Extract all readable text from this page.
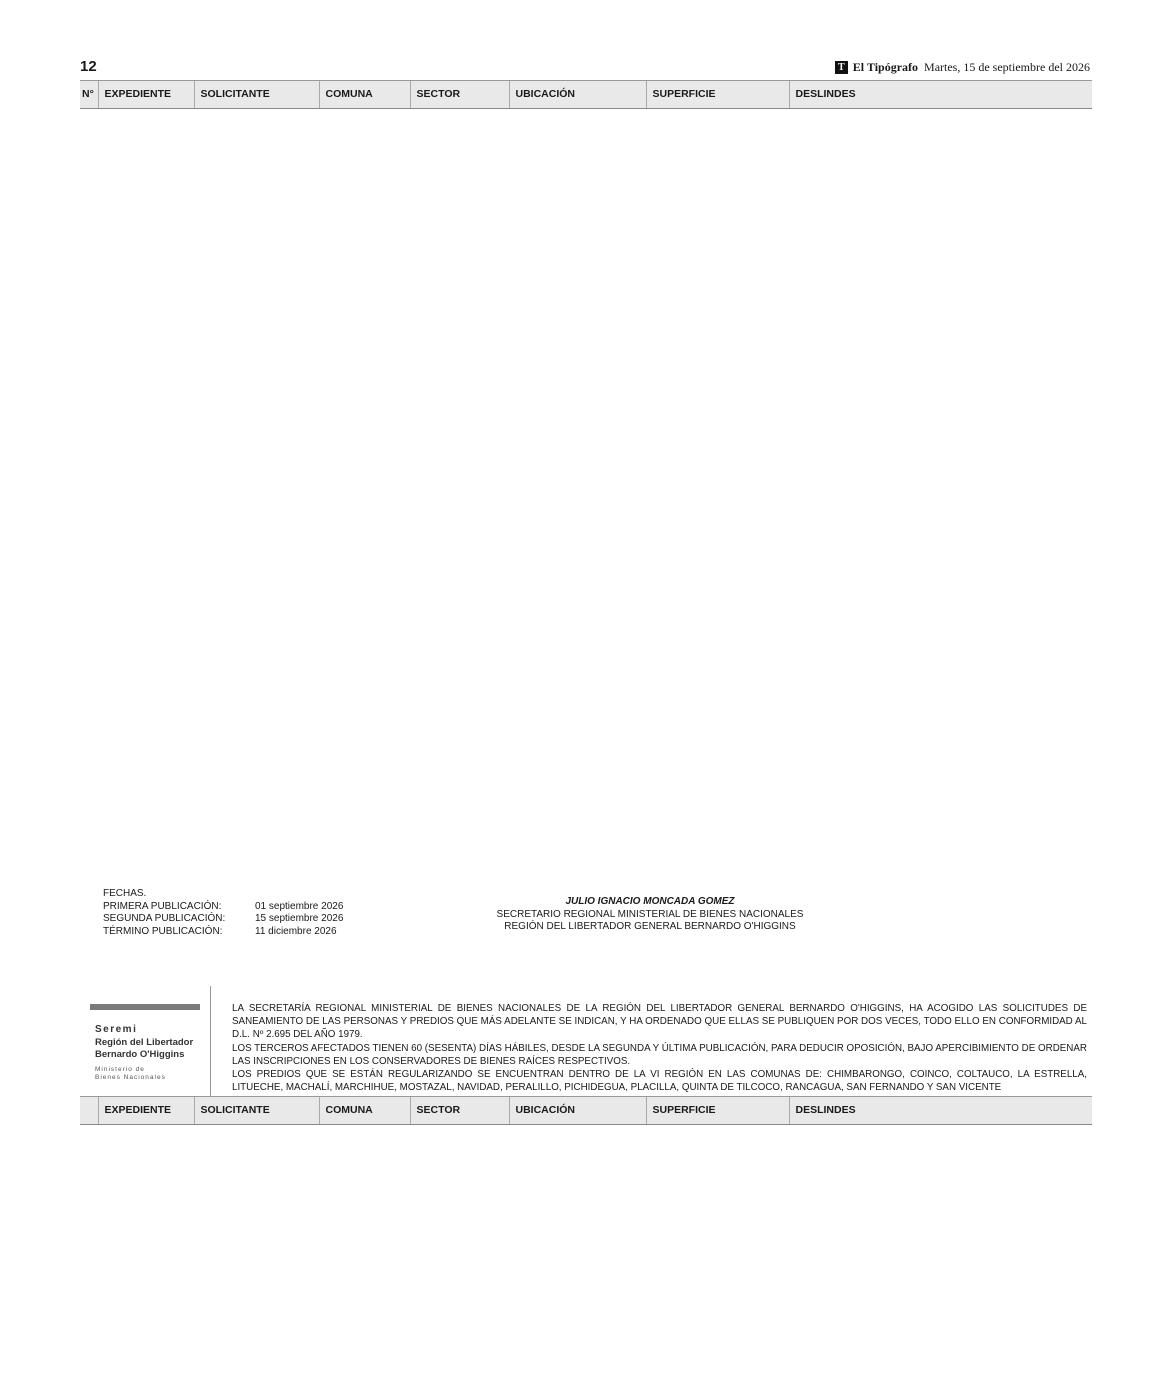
12	T El Tipógrafo Martes, 15 de septiembre del 2026
N°	EXPEDIENTE	SOLICITANTE	COMUNA	SECTOR	UBICACIÓN	SUPERFICIE	DESLINDES
FECHAS.
PRIMERA PUBLICACIÓN:	01 septiembre 2026
SEGUNDA PUBLICACIÓN:	15 septiembre 2026
TÉRMINO PUBLICACIÓN:	11 diciembre 2026
JULIO IGNACIO MONCADA GOMEZ
SECRETARIO REGIONAL MINISTERIAL DE BIENES NACIONALES
REGIÓN DEL LIBERTADOR GENERAL BERNARDO O'HIGGINS
Seremi
Región del Libertador
Bernardo O'Higgins
Ministerio de
Bienes Nacionales

LA SECRETARÍA REGIONAL MINISTERIAL DE BIENES NACIONALES DE LA REGIÓN DEL LIBERTADOR GENERAL BERNARDO O'HIGGINS, HA ACOGIDO LAS SOLICITUDES DE SANEAMIENTO DE LAS PERSONAS Y PREDIOS QUE MÁS ADELANTE SE INDICAN, Y HA ORDENADO QUE ELLAS SE PUBLIQUEN POR DOS VECES, TODO ELLO EN CONFORMIDAD AL D.L. Nº 2.695 DEL AÑO 1979.

LOS TERCEROS AFECTADOS TIENEN 60 (SESENTA) DÍAS HÁBILES, DESDE LA SEGUNDA Y ÚLTIMA PUBLICACIÓN, PARA DEDUCIR OPOSICIÓN, BAJO APERCIBIMIENTO DE ORDENAR LAS INSCRIPCIONES EN LOS CONSERVADORES DE BIENES RAÍCES RESPECTIVOS.

LOS PREDIOS QUE SE ESTÁN REGULARIZANDO SE ENCUENTRAN DENTRO DE LA VI REGIÓN EN LAS COMUNAS DE: CHIMBARONGO, COINCO, COLTAUCO, LA ESTRELLA, LITUECHE, MACHALÍ, MARCHIHUE, MOSTAZAL, NAVIDAD, PERALILLO, PICHIDEGUA, PLACILLA, QUINTA DE TILCOCO, RANCAGUA, SAN FERNANDO Y SAN VICENTE

	EXPEDIENTE	SOLICITANTE	COMUNA	SECTOR	UBICACIÓN	SUPERFICIE	DESLINDES
